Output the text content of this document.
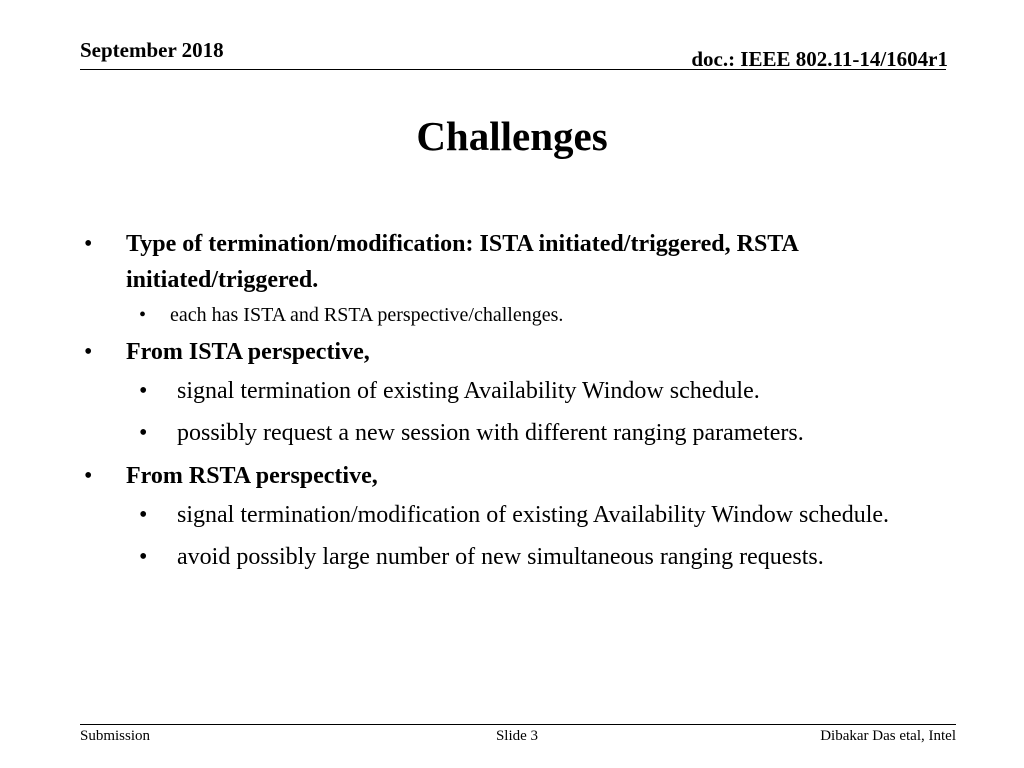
September 2018	doc.: IEEE 802.11-14/1604r1
Challenges
• Type of termination/modification: ISTA initiated/triggered, RSTA initiated/triggered.
• each has ISTA and RSTA perspective/challenges.
• From ISTA perspective,
• signal termination of existing Availability Window schedule.
• possibly request a new session with different ranging parameters.
• From RSTA perspective,
• signal termination/modification of existing Availability Window schedule.
• avoid possibly large number of new simultaneous ranging requests.
Submission	Slide 3	Dibakar Das etal, Intel
